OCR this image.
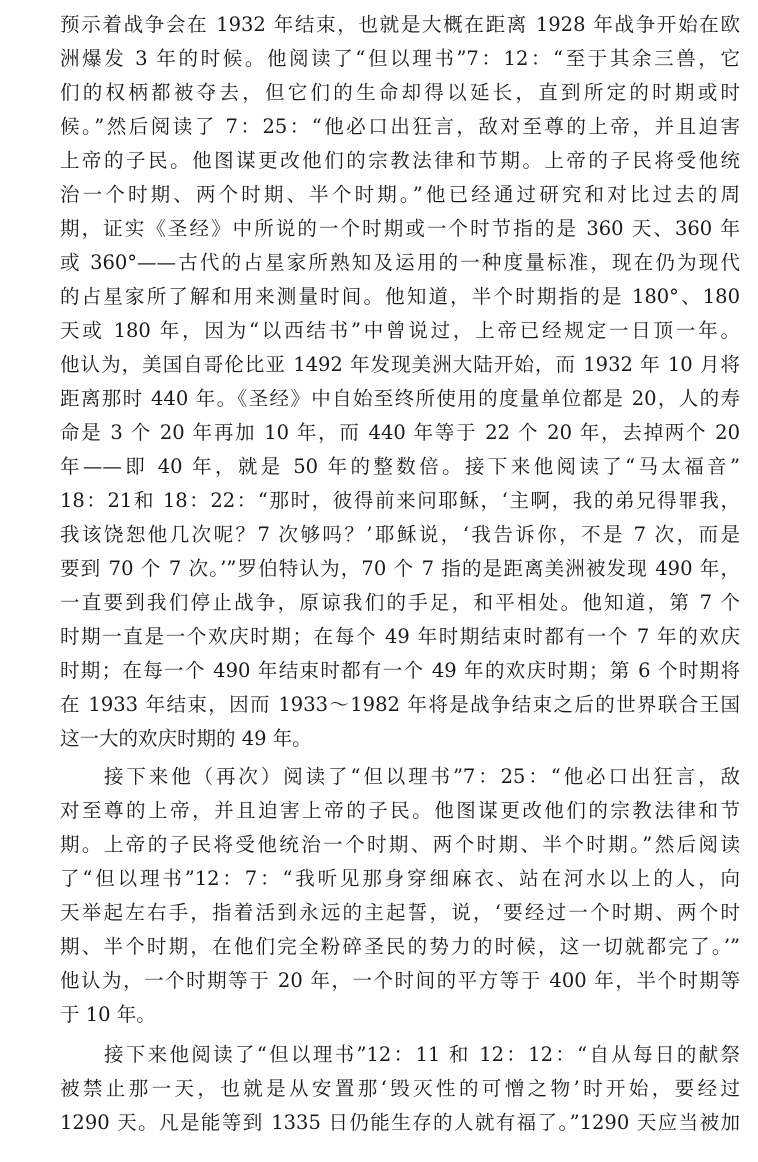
预示着战争会在 1932 年结束，也就是大概在距离 1928 年战争开始在欧
洲爆发 3 年的时候。他阅读了“但以理书”7：12：“至于其余三兽，它
们的权柄都被夺去，但它们的生命却得以延长，直到所定的时期或时
候。”然后阅读了 7：25：“他必口出狂言，敌对至尊的上帝，并且迫害
上帝的子民。他图谋更改他们的宗教法律和节期。上帝的子民将受他统
治一个时期、两个时期、半个时期。”他已经通过研究和对比过去的周
期，证实《圣经》中所说的一个时期或一个时节指的是 360 天、360 年
或 360°——古代的占星家所熟知及运用的一种度量标准，现在仍为现代
的占星家所了解和用来测量时间。他知道，半个时期指的是 180°、180
天或 180 年，因为“以西结书”中曾说过，上帝已经规定一日顶一年。
他认为，美国自哥伦比亚 1492 年发现美洲大陆开始，而 1932 年 10 月将
距离那时 440 年。《圣经》中自始至终所使用的度量单位都是 20，人的寿
命是 3 个 20 年再加 10 年，而 440 年等于 22 个 20 年，去掉两个 20
年——即 40 年，就是 50 年的整数倍。接下来他阅读了“马太福音”
18：21和 18：22：“那时，彼得前来问耶稣，‘主啊，我的弟兄得罪我，
我该饶恕他几次呢？7 次够吗？’耶稣说，‘我告诉你，不是 7 次，而是
要到 70 个 7 次。’”罗伯特认为，70 个 7 指的是距离美洲被发现 490 年，
一直要到我们停止战争，原谅我们的手足，和平相处。他知道，第 7 个
时期一直是一个欢庆时期；在每个 49 年时期结束时都有一个 7 年的欢庆
时期；在每一个 490 年结束时都有一个 49 年的欢庆时期；第 6 个时期将
在 1933 年结束，因而 1933～1982 年将是战争结束之后的世界联合王国
这一大的欢庆时期的 49 年。
接下来他（再次）阅读了“但以理书”7：25：“他必口出狂言，敌
对至尊的上帝，并且迫害上帝的子民。他图谋更改他们的宗教法律和节
期。上帝的子民将受他统治一个时期、两个时期、半个时期。”然后阅读
了“但以理书”12：7：“我听见那身穿细麻衣、站在河水以上的人，向
天举起左右手，指着活到永远的主起誓，说，‘要经过一个时期、两个时
期、半个时期，在他们完全粉碎圣民的势力的时候，这一切就都完了。’”
他认为，一个时期等于 20 年，一个时间的平方等于 400 年，半个时期等
于 10 年。
接下来他阅读了“但以理书”12：11 和 12：12：“自从每日的献祭
被禁止那一天，也就是从安置那‘毁灭性的可憎之物’时开始，要经过
1290 天。凡是能等到 1335 日仍能生存的人就有福了。”1290 天应当被加
